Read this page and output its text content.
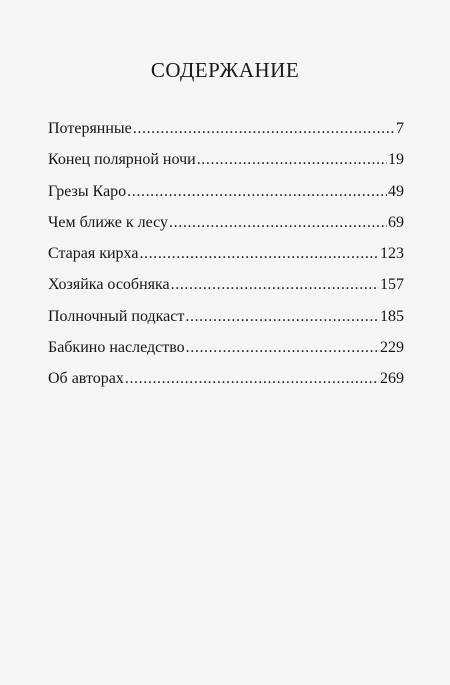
СОДЕРЖАНИЕ
Потерянные .....	7
Конец полярной ночи .....	19
Грезы Каро .....	49
Чем ближе к лесу .....	69
Старая кирха .....	123
Хозяйка особняка .....	157
Полночный подкаст .....	185
Бабкино наследство .....	229
Об авторах .....	269
